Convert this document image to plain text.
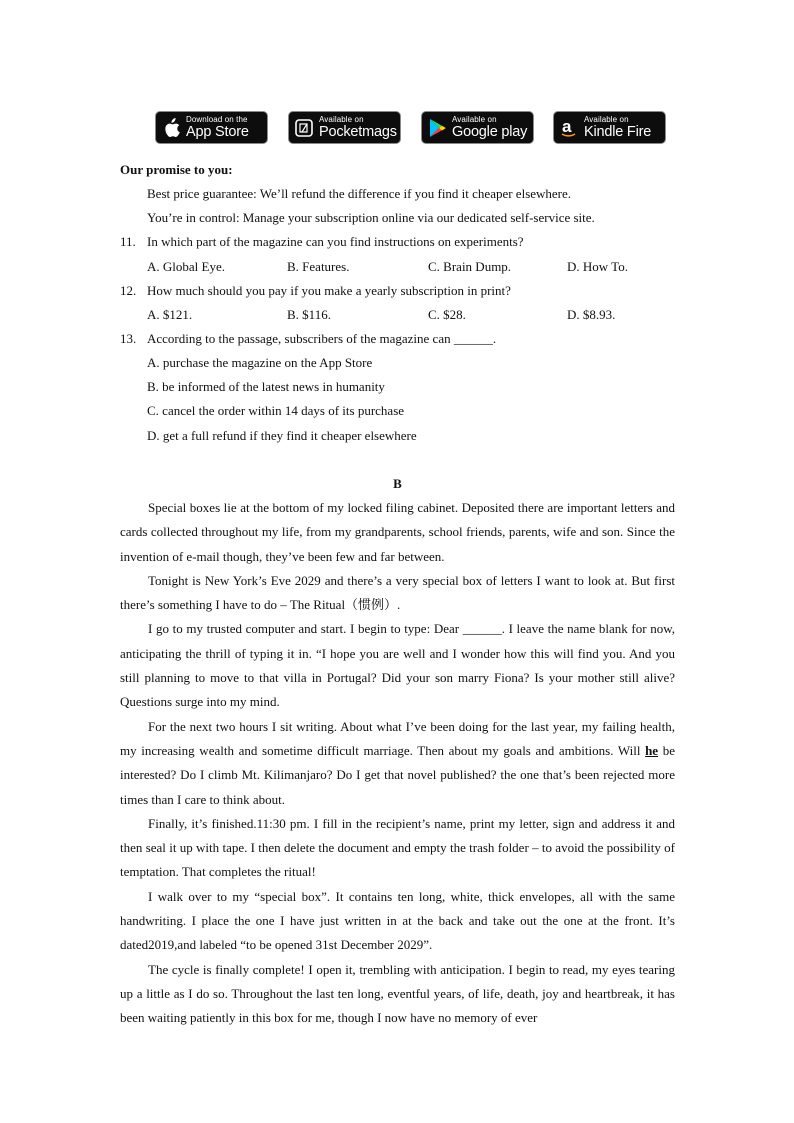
Download on the
App Store
Available on
Pocketmags
Available on
Google play a Available on
Kindle Fire
Our promise to you:
Best price guarantee: We’ll refund the difference if you find it cheaper elsewhere.
You’re in control: Manage your subscription online via our dedicated self-service site.
11. In which part of the magazine can you find instructions on experiments?
A. Global Eye.	B. Features.	C. Brain Dump.	D. How To.
12. How much should you pay if you make a yearly subscription in print?
A. $121.	B. $116.	C. $28.	D. $8.93.
13. According to the passage, subscribers of the magazine can ______.
A. purchase the magazine on the App Store
B. be informed of the latest news in humanity
C. cancel the order within 14 days of its purchase
D. get a full refund if they find it cheaper elsewhere
B

Special boxes lie at the bottom of my locked filing cabinet. Deposited there are important letters and cards collected throughout my life, from my grandparents, school friends, parents, wife and son. Since the invention of e-mail though, they’ve been few and far between.

Tonight is New York’s Eve 2029 and there’s a very special box of letters I want to look at. But first there’s something I have to do – The Ritual（惯例）.

I go to my trusted computer and start. I begin to type: Dear ______. I leave the name blank for now, anticipating the thrill of typing it in. “I hope you are well and I wonder how this will find you. And you still planning to move to that villa in Portugal? Did your son marry Fiona? Is your mother still alive? Questions surge into my mind.

For the next two hours I sit writing. About what I’ve been doing for the last year, my failing health, my increasing wealth and sometime difficult marriage. Then about my goals and ambitions. Will he be interested? Do I climb Mt. Kilimanjaro? Do I get that novel published? the one that’s been rejected more times than I care to think about.

Finally, it’s finished.11:30 pm. I fill in the recipient’s name, print my letter, sign and address it and then seal it up with tape. I then delete the document and empty the trash folder – to avoid the possibility of temptation. That completes the ritual!

I walk over to my “special box”. It contains ten long, white, thick envelopes, all with the same handwriting. I place the one I have just written in at the back and take out the one at the front. It’s dated2019,and labeled “to be opened 31st December 2029”.

The cycle is finally complete! I open it, trembling with anticipation. I begin to read, my eyes tearing up a little as I do so. Throughout the last ten long, eventful years, of life, death, joy and heartbreak, it has been waiting patiently in this box for me, though I now have no memory of ever
